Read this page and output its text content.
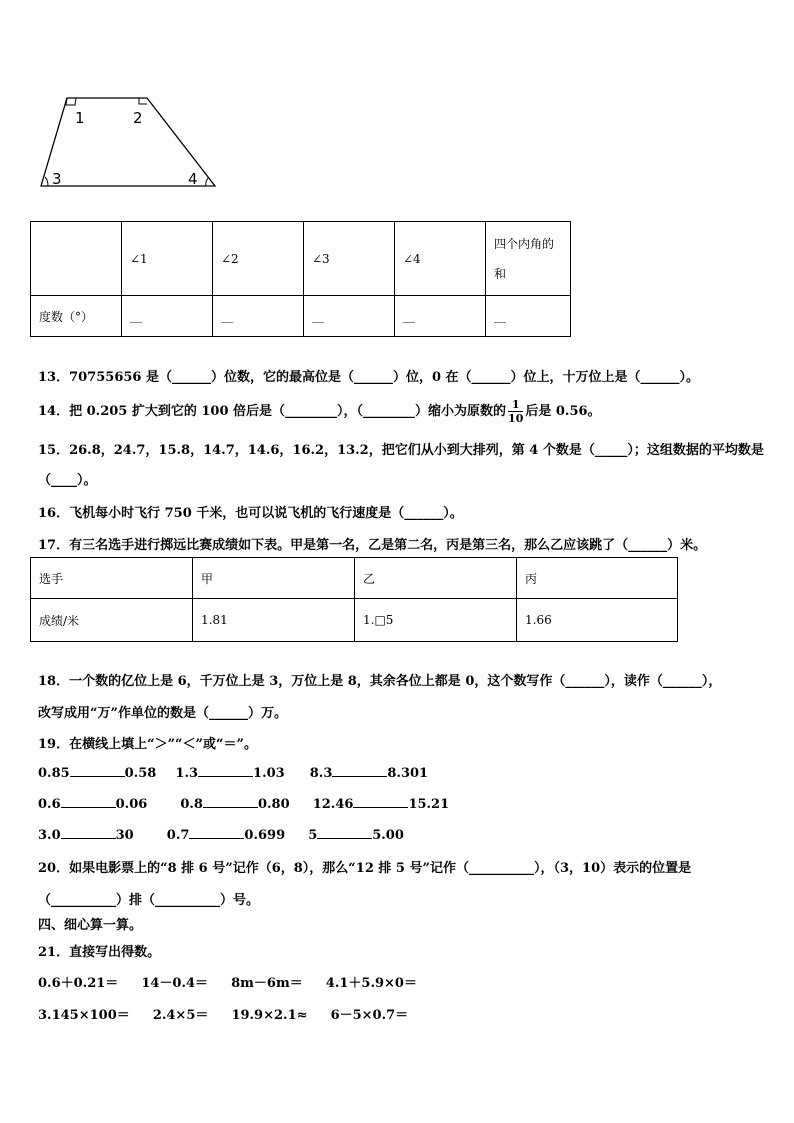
1	2
3	4
	∠1	∠2	∠3	∠4	四个内角的
和
度数（°）	__	__	__	__	__
13．70755656 是（______）位数，它的最高位是（______）位，0 在（______）位上，十万位上是（______）。
14．把 0.205 扩大到它的 100 倍后是（________），（________）缩小为原数的 $\frac{1}{10}$ 后是 0.56。
15．26.8，24.7，15.8，14.7，14.6，16.2，13.2，把它们从小到大排列，第 4 个数是（_____）；这组数据的平均数是
（____）。
16．飞机每小时飞行 750 千米，也可以说飞机的飞行速度是（______）。
17．有三名选手进行掷远比赛成绩如下表。甲是第一名，乙是第二名，丙是第三名，那么乙应该跳了（______）米。
选手	甲	乙	丙
成绩/米	1.81	1.□5	1.66
18．一个数的亿位上是 6，千万位上是 3，万位上是 8，其余各位上都是 0，这个数写作（______），读作（______），
改写成用“万”作单位的数是（______）万。
19．在横线上填上“＞”“＜”或“＝”。
0.85	0.58 1.3	1.03 8.3	8.301
0.6	0.06	0.8	0.80 12.46	15.21
3.0	30	0.7	0.699 5	5.00
20．如果电影票上的“8 排 6 号”记作（6，8），那么“12 排 5 号”记作（__________），（3，10）表示的位置是
（__________）排（__________）号。
四、细心算一算。
21．直接写出得数。
0.6＋0.21＝ 14－0.4＝ 8m－6m＝ 4.1＋5.9×0＝
3.145×100＝ 2.4×5＝ 19.9×2.1≈ 6－5×0.7＝
